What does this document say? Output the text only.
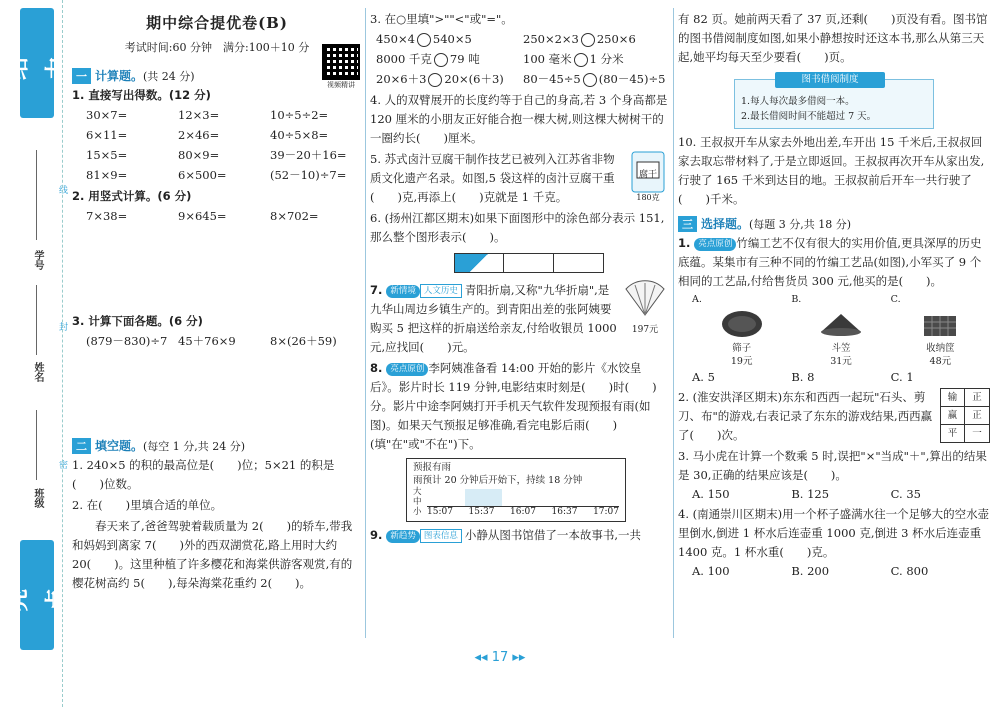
给力
学号
姓名
班级
线
封
密
亮点
期中综合提优卷(B)
考试时间:60 分钟　满分:100＋10 分
视频精讲
一 计算题。 (共 24 分)
1. 直接写出得数。(12 分)
30×7=	12×3=	10÷5÷2=
6×11=	2×46=	40÷5×8=
15×5=	80×9=	39－20＋16=
81×9=	6×500=	(52－10)÷7=
2. 用竖式计算。(6 分)
7×38=	9×645=	8×702=
3. 计算下面各题。(6 分)
(879－830)÷7 45＋76×9	8×(26＋59)
二 填空题。 (每空 1 分,共 24 分)
1. 240×5 的积的最高位是(　　)位；5×21 的积是(　　)位数。
2. 在(　　)里填合适的单位。
春天来了,爸爸驾驶着载质量为 2(　　)的轿车,带我和妈妈到离家 7(　　)外的西双湖赏花,路上用时大约 20(　　)。这里种植了许多樱花和海棠供游客观赏,有的樱花树高约 5(　　),每朵海棠花重约 2(　　)。
3. 在○里填">""<"或"="。
450×4 540×5	250×2×3 250×6
8000 千克 79 吨	100 毫米 1 分米
20×6＋3 20×(6＋3)	80－45÷5 (80－45)÷5
4. 人的双臂展开的长度约等于自己的身高,若 3 个身高都是 120 厘米的小朋友正好能合抱一棵大树,则这棵大树树干的一圈约长(　　)厘米。
5. 苏式卤汁豆腐干制作技艺已被列入江苏省非物质文化遗产名录。如图,5 袋这样的卤汁豆腐干重(　　)克,再添上(　　)克就是 1 千克。
腐干
180克
6. (扬州江都区期末)如果下面图形中的涂色部分表示 151,那么整个图形表示(　　)。
7. 新情境 人文历史 青阳折扇,又称"九华折扇",是九华山周边乡镇生产的。到青阳出差的张阿姨要购买 5 把这样的折扇送给亲友,付给收银员 1000 元,应找回(　　)元。
197元
8. 亮点原创 李阿姨准备看 14:00 开始的影片《水饺皇后》。影片时长 119 分钟,电影结束时刻是(　　)时(　　)分。影片中途李阿姨打开手机天气软件发现预报有雨(如图)。如果天气预报足够准确,看完电影后雨(　　)(填"在"或"不在")下。
预报有雨
雨预计 20 分钟后开始下，持续 18 分钟
大
中
小 15:07 15:37 16:07 16:37 17:07
9. 新趋势 图表信息 小静从图书馆借了一本故事书,一共
有 82 页。她前两天看了 37 页,还剩(　　)页没有看。图书馆的图书借阅制度如图,如果小静想按时还这本书,那么从第三天起,她平均每天至少要看(　　)页。
图书借阅制度
1.每人每次最多借阅一本。
2.最长借阅时间不能超过 7 天。
10. 王叔叔开车从家去外地出差,车开出 15 千米后,王叔叔回家去取忘带材料了,于是立即返回。王叔叔再次开车从家出发,行驶了 165 千米到达目的地。王叔叔前后开车一共行驶了(　　)千米。
三 选择题。 (每题 3 分,共 18 分)
1. 亮点原创 竹编工艺不仅有很大的实用价值,更具深厚的历史底蕴。某集市有三种不同的竹编工艺品(如图),小军买了 9 个相同的工艺品,付给售货员 300 元,他买的是(　　)。
A.
筛子
19元
B.
斗笠
31元
C.
收纳筐
48元
A. 5	B. 8	C. 1
输	正
赢	正
平	一
2. (淮安洪泽区期末)东东和西西一起玩"石头、剪刀、布"的游戏,右表记录了东东的游戏结果,西西赢了(　　)次。
3. 马小虎在计算一个数乘 5 时,误把"×"当成"＋",算出的结果是 30,正确的结果应该是(　　)。
A. 150	B. 125	C. 35
4. (南通崇川区期末)用一个杯子盛满水往一个足够大的空水壶里倒水,倒进 1 杯水后连壶重 1000 克,倒进 3 杯水后连壶重 1400 克。1 杯水重(　　)克。
A. 100	B. 200	C. 800
◂◂ 17 ▸▸
